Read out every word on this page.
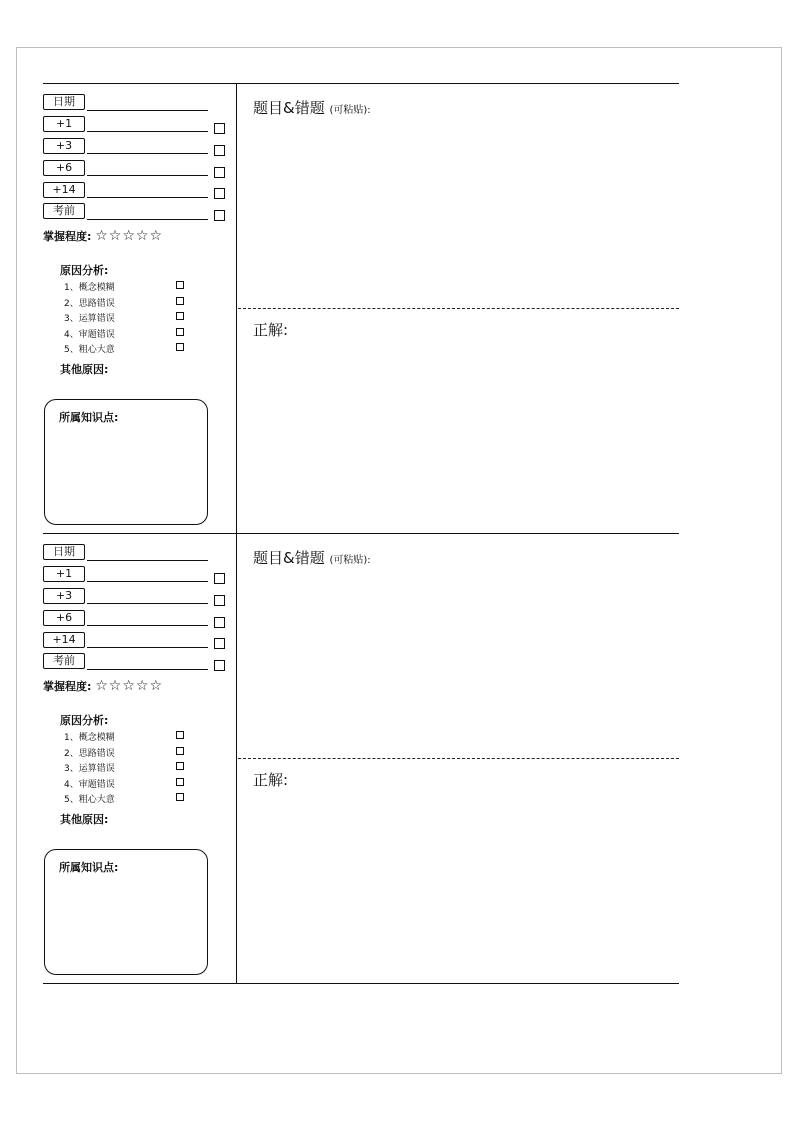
日期
+1
+3
+6
+14
考前
掌握程度: ☆☆☆☆☆
原因分析:
1、概念模糊
2、思路错误
3、运算错误
4、审题错误
5、粗心大意
其他原因:
所属知识点:
题目&错题 (可粘贴):
正解:
日期
+1
+3
+6
+14
考前
掌握程度: ☆☆☆☆☆
原因分析:
1、概念模糊
2、思路错误
3、运算错误
4、审题错误
5、粗心大意
其他原因:
所属知识点:
题目&错题 (可粘贴):
正解:
